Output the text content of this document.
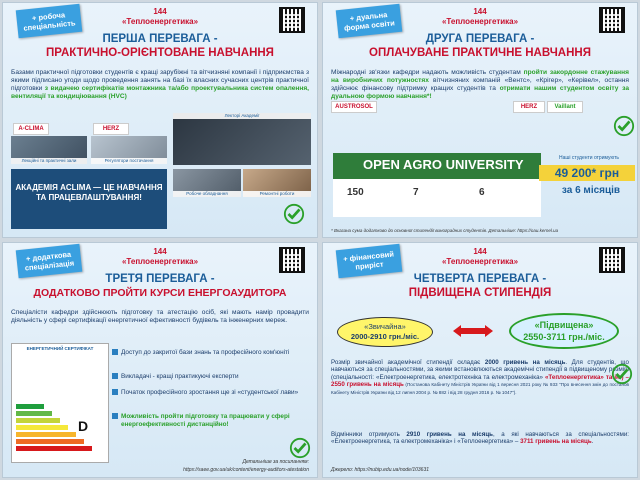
+ робоча спеціальність
144
«Теплоенергетика»
ПЕРША ПЕРЕВАГА -
ПРАКТИЧНО-ОРІЄНТОВАНЕ НАВЧАННЯ
Базами практичної підготовки студентів є кращі зарубіжні та вітчизняні компанії і підприємства з якими підписано угоди щодо проведення занять на базі їх власних сучасних центрів практичної підготовки з видачею сертифікатів монтажника та/або проектувальника систем опалення, вентиляції та кондиціювання (HVC)
A-CLIMA	HERZ
Лекційні та практичні зали	Регулятори постачання
Лекторі Академії
АКАДЕМІЯ ACLIMA — ЦЕ НАВЧАННЯ ТА ПРАЦЕВЛАШТУВАННЯ!	Робоче обладнання	Ремонтні роботи
+ дуальна форма освіти
144
«Теплоенергетика»
ДРУГА ПЕРЕВАГА -
ОПЛАЧУВАНЕ ПРАКТИЧНЕ НАВЧАННЯ
Міжнародні зв'язки кафедри надають можливість студентам пройти закордонне стажування на виробничих потужностях вітчизняних компаній «Вентс», «Крігер», «Керівел», остання здійснює фінансову підтримку кращих студентів та отримати нашим студентом освіту за дуальною формою навчання*!
AUSTROSOL	HERZ	Vaillant
OPEN AGRO UNIVERSITY
150	7	6
Наші студенти отримують
49 200* грн
за 6 місяців
* Вказана сума додатково до основної стипендії виноградних студентів. Детальніше: https://oau.kernel.ua
+ додаткова спеціалізація
144
«Теплоенергетика»
ТРЕТЯ ПЕРЕВАГА -
ДОДАТКОВО ПРОЙТИ КУРСИ ЕНЕРГОАУДИТОРА
Спеціалісти кафедри здійснюють підготовку та атестацію осіб, які мають намір провадити діяльність у сфері сертифікації енергетичної ефективності будівель та інженерних мереж.
ЕНЕРГЕТИЧНИЙ СЕРТИФІКАТ
D
Доступ до закритої бази знань та професійного ком'юніті
Викладачі - кращі практикуючі експерти
Початок професійного зростання ще зі «студентської лави»
Можливість пройти підготовку та працювати у сфері енергоефективності дистанційно!
Детальніше за посиланням:
https://saee.gov.ua/uk/content/energy-auditors-atestation
+ фінансовий приріст
144
«Теплоенергетика»
ЧЕТВЕРТА ПЕРЕВАГА -
ПІДВИЩЕНА СТИПЕНДІЯ
«Звичайна»
2000-2910 грн./міс.
«Підвищена»
2550-3711 грн./міс.
Розмір звичайної академічної стипендії складає 2000 гривень на місяць. Для студентів, що навчаються за спеціальностями, за якими встановлюються академічні стипендії в підвищеному розмірі (спеціальності: «Електроенергетика, електротехніка та електромеханіка» «Теплоенергетика» та ін.) – 2550 гривень на місяць (Постанова Кабінету Міністрів України від 1 вересня 2021 року № 933 "Про внесення змін до постанов Кабінету Міністрів України від 12 липня 2004 р. № 882 і від 28 грудня 2016 р. № 1047").
Відмінники отримують 2910 гривень на місяць, а які навчаються за спеціальностями: «Електроенергетика, та електромеханіка» і «Теплоенергетика» – 3711 гривень на місяць.
Джерело: https://nubip.edu.ua/node/103631
